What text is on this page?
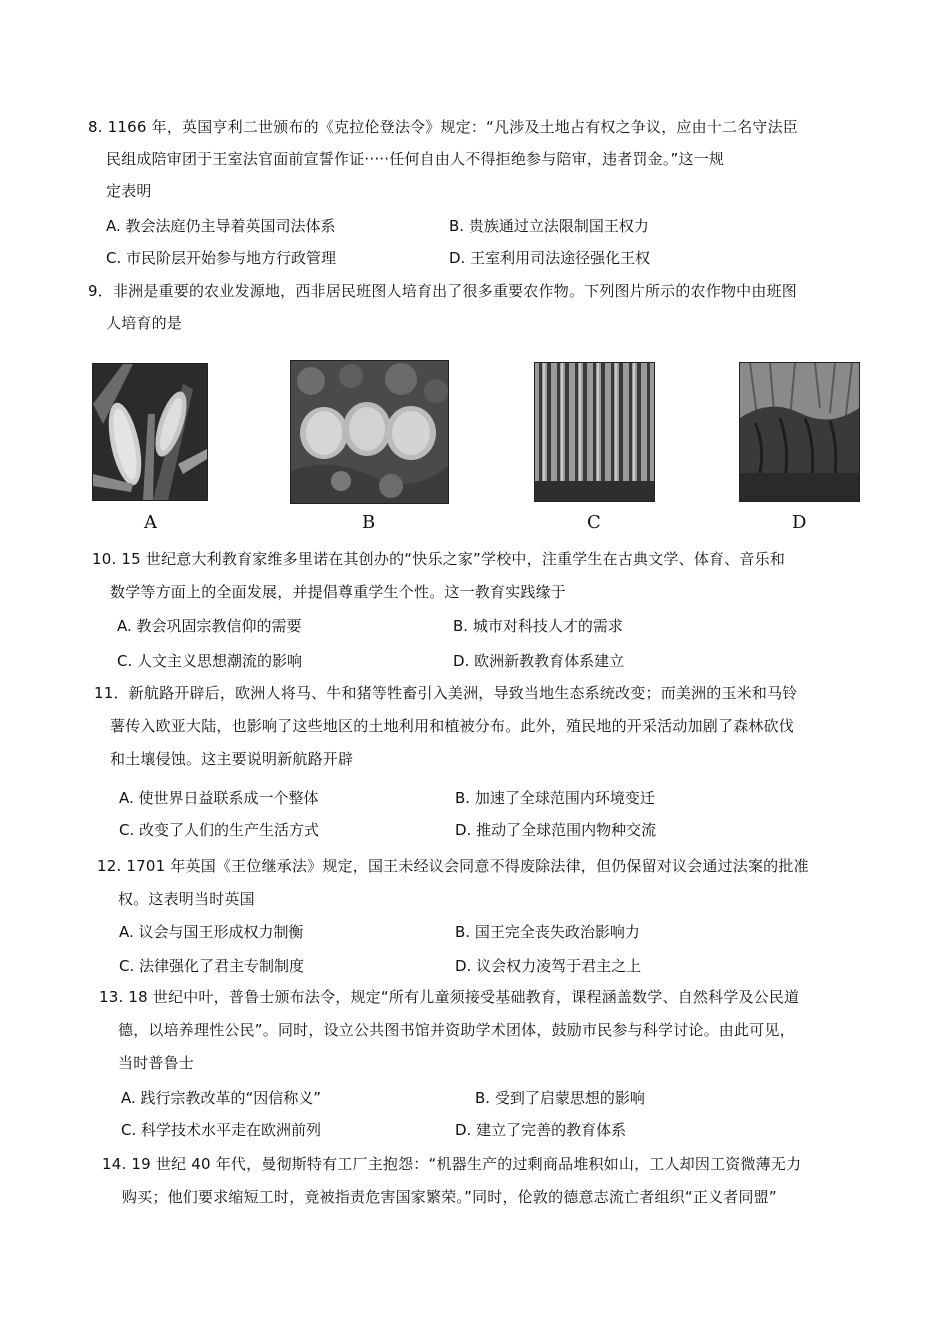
8. 1166 年，英国亨利二世颁布的《克拉伦登法令》规定：“凡涉及土地占有权之争议，应由十二名守法臣
民组成陪审团于王室法官面前宣誓作证·····任何自由人不得拒绝参与陪审，违者罚金。”这一规
定表明
A. 教会法庭仍主导着英国司法体系	B. 贵族通过立法限制国王权力
C. 市民阶层开始参与地方行政管理	D. 王室利用司法途径强化王权
9．非洲是重要的农业发源地，西非居民班图人培育出了很多重要农作物。下列图片所示的农作物中由班图
人培育的是
A	B	C	D
10. 15 世纪意大利教育家维多里诺在其创办的“快乐之家”学校中，注重学生在古典文学、体育、音乐和
数学等方面上的全面发展，并提倡尊重学生个性。这一教育实践缘于
A. 教会巩固宗教信仰的需要	B. 城市对科技人才的需求
C. 人文主义思想潮流的影响	D. 欧洲新教教育体系建立
11．新航路开辟后，欧洲人将马、牛和猪等牲畜引入美洲，导致当地生态系统改变；而美洲的玉米和马铃
薯传入欧亚大陆，也影响了这些地区的土地利用和植被分布。此外，殖民地的开采活动加剧了森林砍伐
和土壤侵蚀。这主要说明新航路开辟
A. 使世界日益联系成一个整体	B. 加速了全球范围内环境变迁
C. 改变了人们的生产生活方式	D. 推动了全球范围内物种交流
12. 1701 年英国《王位继承法》规定，国王未经议会同意不得废除法律，但仍保留对议会通过法案的批准
权。这表明当时英国
A. 议会与国王形成权力制衡	B. 国王完全丧失政治影响力
C. 法律强化了君主专制制度	D. 议会权力凌驾于君主之上
13. 18 世纪中叶，普鲁士颁布法令，规定“所有儿童须接受基础教育，课程涵盖数学、自然科学及公民道
德，以培养理性公民”。同时，设立公共图书馆并资助学术团体，鼓励市民参与科学讨论。由此可见，
当时普鲁士
A. 践行宗教改革的“因信称义”	B. 受到了启蒙思想的影响
C. 科学技术水平走在欧洲前列	D. 建立了完善的教育体系
14. 19 世纪 40 年代，曼彻斯特有工厂主抱怨：“机器生产的过剩商品堆积如山，工人却因工资微薄无力
购买；他们要求缩短工时，竟被指责危害国家繁荣。”同时，伦敦的德意志流亡者组织“正义者同盟”
